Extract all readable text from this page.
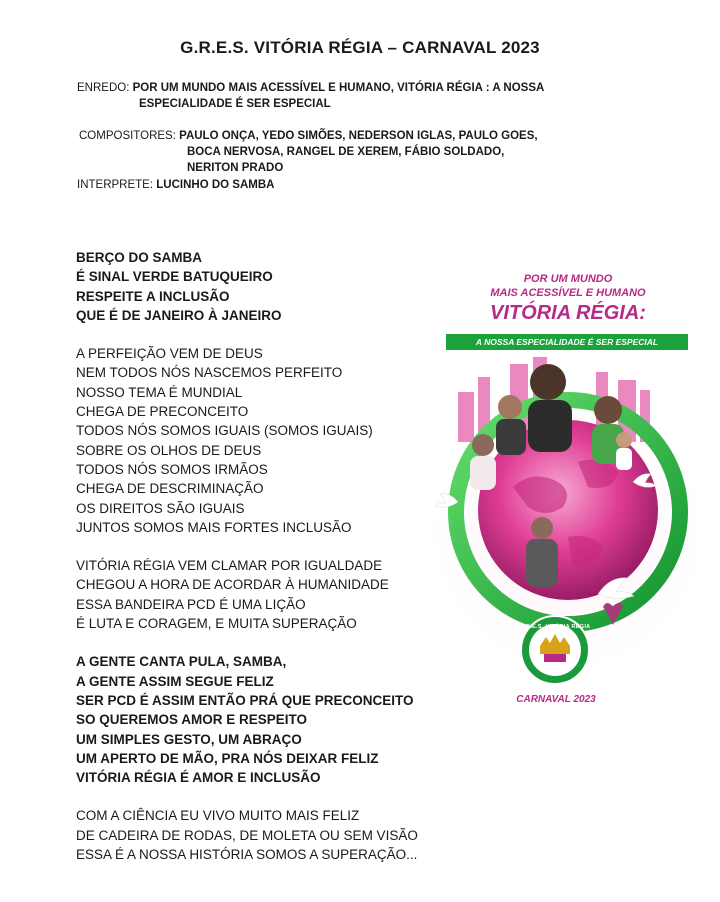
G.R.E.S. VITÓRIA RÉGIA – CARNAVAL 2023
ENREDO: POR UM MUNDO MAIS ACESSÍVEL E HUMANO, VITÓRIA RÉGIA : A NOSSA
ESPECIALIDADE É SER ESPECIAL
COMPOSITORES: PAULO ONÇA, YEDO SIMÕES, NEDERSON IGLAS, PAULO GOES,
BOCA NERVOSA, RANGEL DE XEREM, FÁBIO SOLDADO,
NERITON PRADO
INTERPRETE: LUCINHO DO SAMBA
BERÇO DO SAMBA
É SINAL VERDE BATUQUEIRO
RESPEITE A INCLUSÃO
QUE É DE JANEIRO À JANEIRO
A PERFEIÇÃO VEM DE DEUS
NEM TODOS NÓS NASCEMOS PERFEITO
NOSSO TEMA É MUNDIAL
CHEGA DE PRECONCEITO
TODOS NÓS SOMOS IGUAIS (SOMOS IGUAIS)
SOBRE OS OLHOS DE DEUS
TODOS NÓS SOMOS IRMÃOS
CHEGA DE DESCRIMINAÇÃO
OS DIREITOS SÃO IGUAIS
JUNTOS SOMOS MAIS FORTES INCLUSÃO
VITÓRIA RÉGIA VEM CLAMAR POR IGUALDADE
CHEGOU A HORA DE ACORDAR À HUMANIDADE
ESSA BANDEIRA PCD É UMA LIÇÃO
É LUTA E CORAGEM, E MUITA SUPERAÇÃO
A GENTE CANTA PULA, SAMBA,
A GENTE ASSIM SEGUE FELIZ
SER PCD É ASSIM ENTÃO PRÁ QUE PRECONCEITO
SO QUEREMOS AMOR E RESPEITO
UM SIMPLES GESTO, UM ABRAÇO
UM APERTO DE MÃO, PRA NÓS DEIXAR FELIZ
VITÓRIA RÉGIA É AMOR E INCLUSÃO
COM A CIÊNCIA EU VIVO MUITO MAIS FELIZ
DE CADEIRA DE RODAS, DE MOLETA OU SEM VISÃO
ESSA É A NOSSA HISTÓRIA SOMOS A SUPERAÇÃO...
POR UM MUNDO
MAIS ACESSÍVEL E HUMANO
VITÓRIA RÉGIA:
A NOSSA ESPECIALIDADE É SER ESPECIAL
G.R.E.S. VITÓRIA RÉGIA
1975
CARNAVAL 2023
